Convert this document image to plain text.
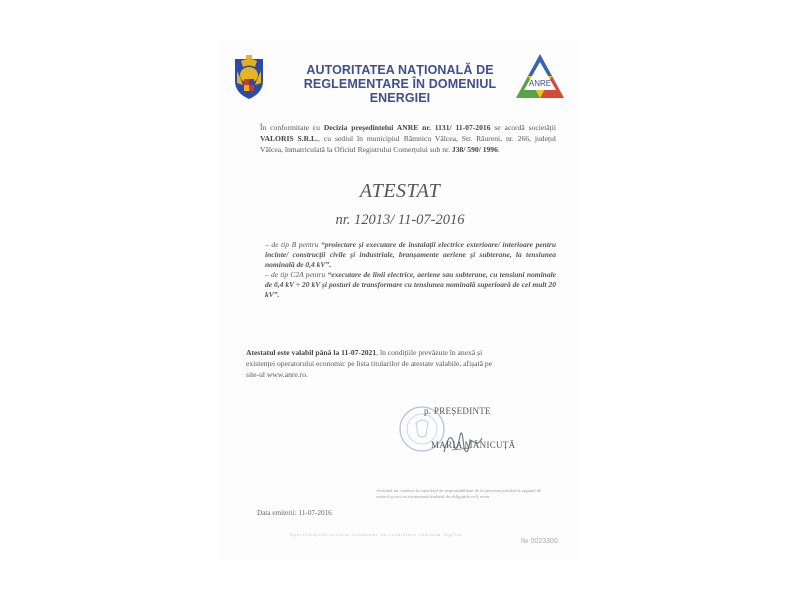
AUTORITATEA NAȚIONALĂ DE
REGLEMENTARE ÎN DOMENIUL ENERGIEI
ANRE
În conformitate cu Decizia președintelui ANRE nr. 1131/ 11-07-2016 se acordă societății VALORIS S.R.L., cu sediul în municipiul Râmnicu Vâlcea, Str. Râureni, nr. 266, județul Vâlcea, înmatriculată la Oficiul Registrului Comerțului sub nr. J38/ 590/ 1996.
ATESTAT
nr. 12013/ 11-07-2016

– de tip B pentru “proiectare și executare de instalații electrice exterioare/ interioare pentru incinte/ construcții civile și industriale, branșamente aeriene și subterane, la tensiunea nominală de 0,4 kV”.

– de tip C2A pentru “executare de linii electrice, aeriene sau subterane, cu tensiuni nominale de 0,4 kV ÷ 20 kV și posturi de transformare cu tensiunea nominală superioară de cel mult 20 kV”.

Atestatul este valabil până la 11-07-2021, în condițiile prevăzute în anexă și existenței operatorului economic pe lista titularilor de atestate valabile, afișată pe site-ul www.anre.ro.
p. PREȘEDINTE
MARIA MĂNICUȚĂ
Atestatul nu conduce la transferul de responsabilitate de la persoana juridică la organul de control și nici nu exonerează titularul de obligațiile ce îi revin.
Data emiterii: 11-07-2016
Specificațiile acestui document de securitate conform legilor
№ 0023300
